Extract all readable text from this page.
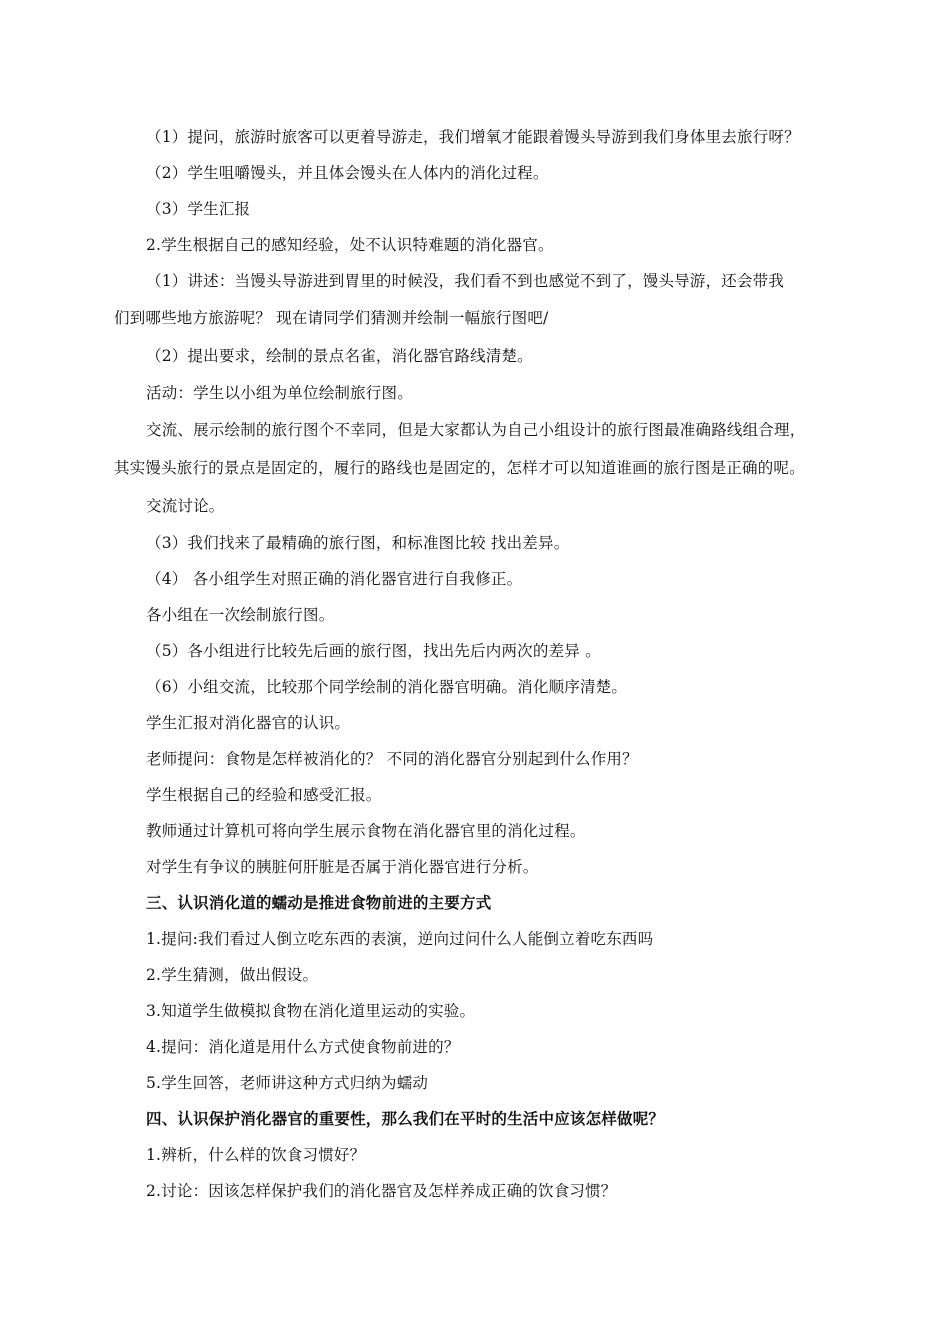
（1）提问，旅游时旅客可以更着导游走，我们增氧才能跟着馒头导游到我们身体里去旅行呀？
（2）学生咀嚼馒头，并且体会馒头在人体内的消化过程。
（3）学生汇报
2.学生根据自己的感知经验，处不认识特难题的消化器官。
（1）讲述：当馒头导游进到胃里的时候没，我们看不到也感觉不到了，馒头导游，还会带我
们到哪些地方旅游呢？ 现在请同学们猜测并绘制一幅旅行图吧/
（2）提出要求，绘制的景点名雀，消化器官路线清楚。
活动：学生以小组为单位绘制旅行图。
交流、展示绘制的旅行图个不幸同，但是大家都认为自己小组设计的旅行图最准确路线组合理，
其实馒头旅行的景点是固定的，履行的路线也是固定的，怎样才可以知道谁画的旅行图是正确的呢。
交流讨论。
（3）我们找来了最精确的旅行图，和标准图比较 找出差异。
（4） 各小组学生对照正确的消化器官进行自我修正。
各小组在一次绘制旅行图。
（5）各小组进行比较先后画的旅行图，找出先后内两次的差异 。
（6）小组交流，比较那个同学绘制的消化器官明确。消化顺序清楚。
学生汇报对消化器官的认识。
老师提问：食物是怎样被消化的？ 不同的消化器官分别起到什么作用？
学生根据自己的经验和感受汇报。
教师通过计算机可将向学生展示食物在消化器官里的消化过程。
对学生有争议的胰脏何肝脏是否属于消化器官进行分析。
三、认识消化道的蠕动是推进食物前进的主要方式
1.提问:我们看过人倒立吃东西的表演，逆向过问什么人能倒立着吃东西吗
2.学生猜测，做出假设。
3.知道学生做模拟食物在消化道里运动的实验。
4.提问：消化道是用什么方式使食物前进的？
5.学生回答，老师讲这种方式归纳为蠕动
四、认识保护消化器官的重要性，那么我们在平时的生活中应该怎样做呢？
1.辨析，什么样的饮食习惯好？
2.讨论：因该怎样保护我们的消化器官及怎样养成正确的饮食习惯？
